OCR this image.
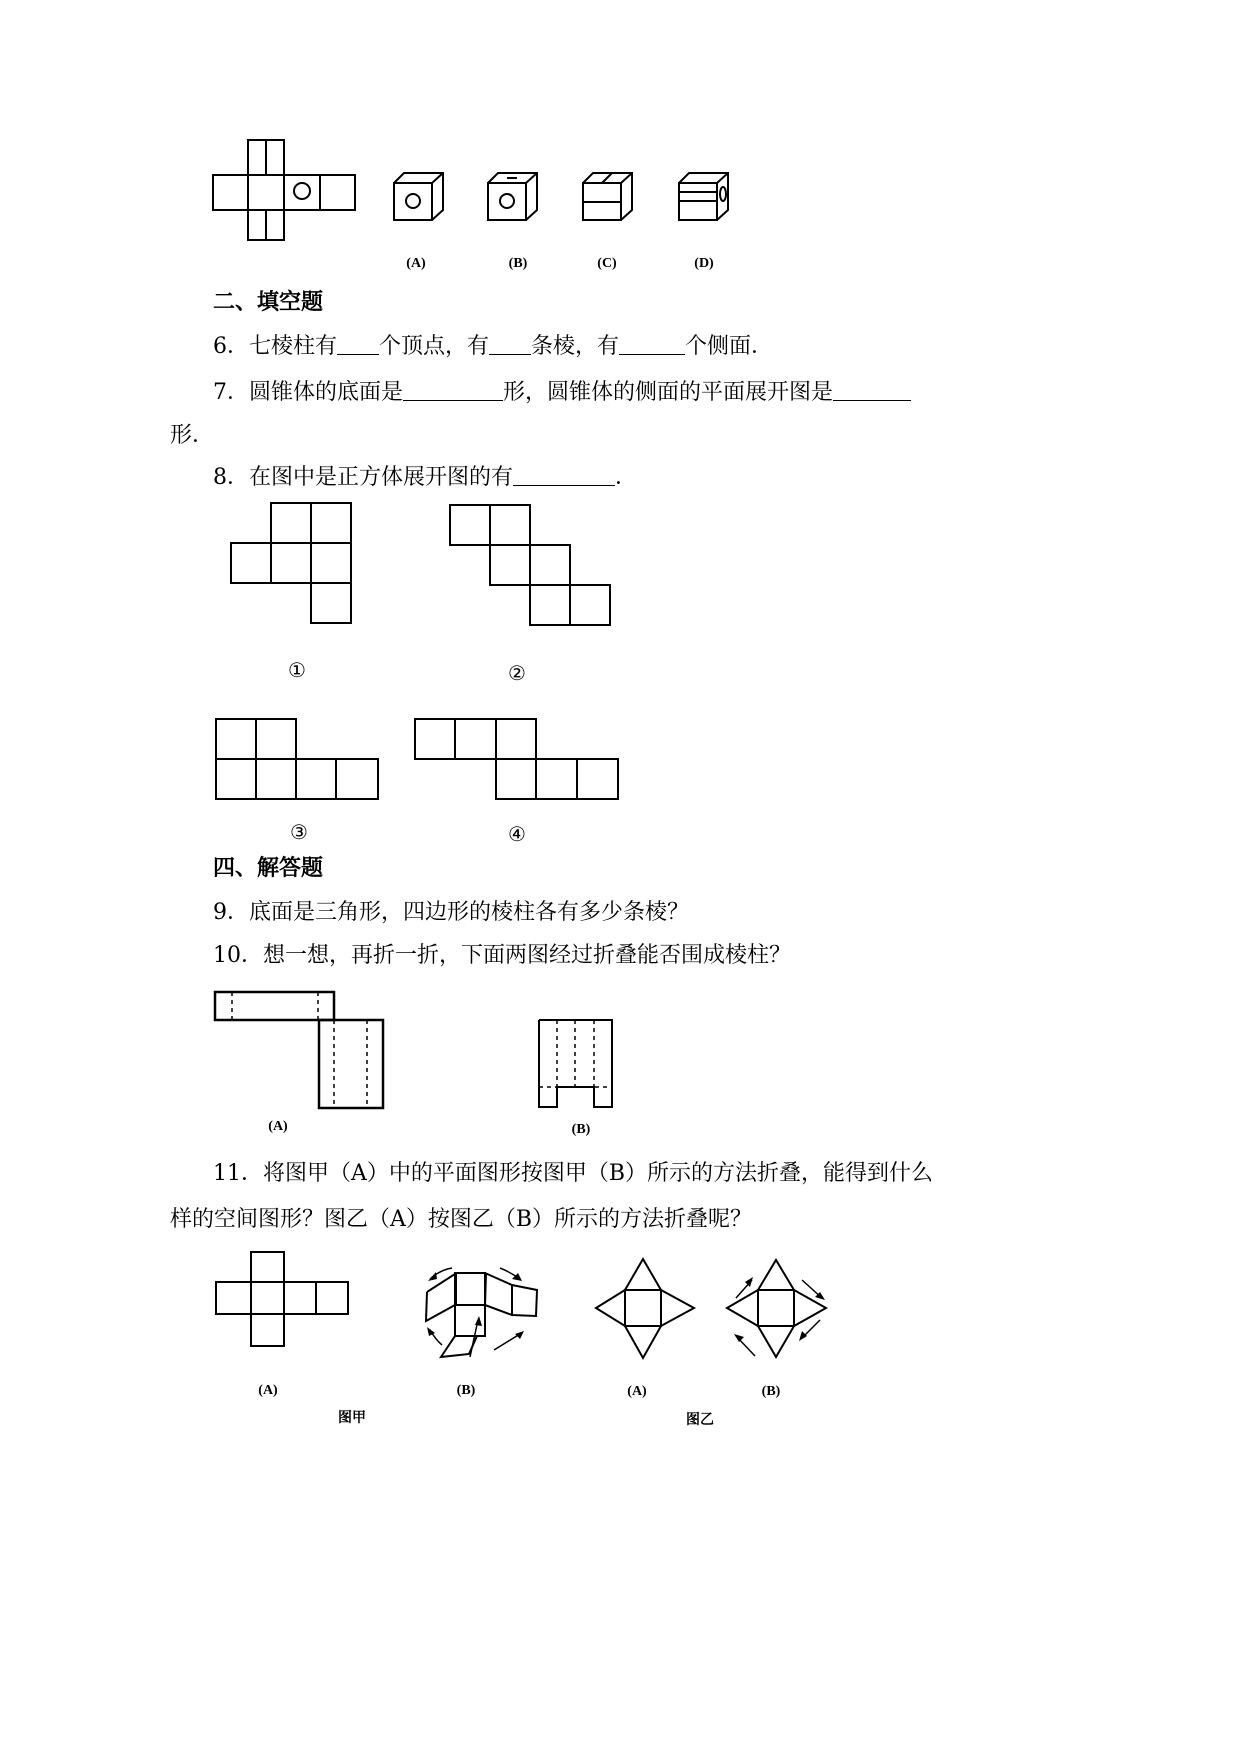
(A)	(B)	(C)	(D)
二、填空题
6．七棱柱有 个顶点，有 条棱，有	个侧面．
7．圆锥体的底面是	形，圆锥体的侧面的平面展开图是
形．
8．在图中是正方体展开图的有	．
①	②
③	④
四、解答题
9．底面是三角形，四边形的棱柱各有多少条棱？
10．想一想，再折一折，下面两图经过折叠能否围成棱柱？
(A)	(B)
11．将图甲（A）中的平面图形按图甲（B）所示的方法折叠，能得到什么
样的空间图形？图乙（A）按图乙（B）所示的方法折叠呢？
(A)	(B)	(A)	(B)
图甲	图乙
